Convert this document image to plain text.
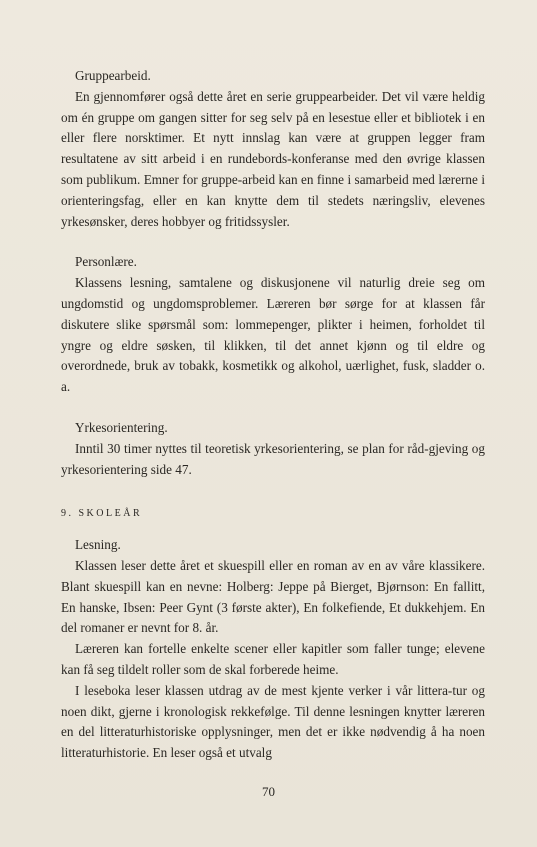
Gruppearbeid.

En gjennomfører også dette året en serie gruppearbeider. Det vil være heldig om én gruppe om gangen sitter for seg selv på en lesestue eller et bibliotek i en eller flere norsktimer. Et nytt innslag kan være at gruppen legger fram resultatene av sitt arbeid i en rundebords-konferanse med den øvrige klassen som publikum. Emner for gruppe-arbeid kan en finne i samarbeid med lærerne i orienteringsfag, eller en kan knytte dem til stedets næringsliv, elevenes yrkesønsker, deres hobbyer og fritidssysler.

Personlære.

Klassens lesning, samtalene og diskusjonene vil naturlig dreie seg om ungdomstid og ungdomsproblemer. Læreren bør sørge for at klassen får diskutere slike spørsmål som: lommepenger, plikter i heimen, forholdet til yngre og eldre søsken, til klikken, til det annet kjønn og til eldre og overordnede, bruk av tobakk, kosmetikk og alkohol, uærlighet, fusk, sladder o. a.

Yrkesorientering.

Inntil 30 timer nyttes til teoretisk yrkesorientering, se plan for råd-gjeving og yrkesorientering side 47.

9. SKOLEÅR
Lesning.

Klassen leser dette året et skuespill eller en roman av en av våre klassikere. Blant skuespill kan en nevne: Holberg: Jeppe på Bierget, Bjørnson: En fallitt, En hanske, Ibsen: Peer Gynt (3 første akter), En folkefiende, Et dukkehjem. En del romaner er nevnt for 8. år.

Læreren kan fortelle enkelte scener eller kapitler som faller tunge; elevene kan få seg tildelt roller som de skal forberede heime.

I leseboka leser klassen utdrag av de mest kjente verker i vår littera-tur og noen dikt, gjerne i kronologisk rekkefølge. Til denne lesningen knytter læreren en del litteraturhistoriske opplysninger, men det er ikke nødvendig å ha noen litteraturhistorie. En leser også et utvalg

70
